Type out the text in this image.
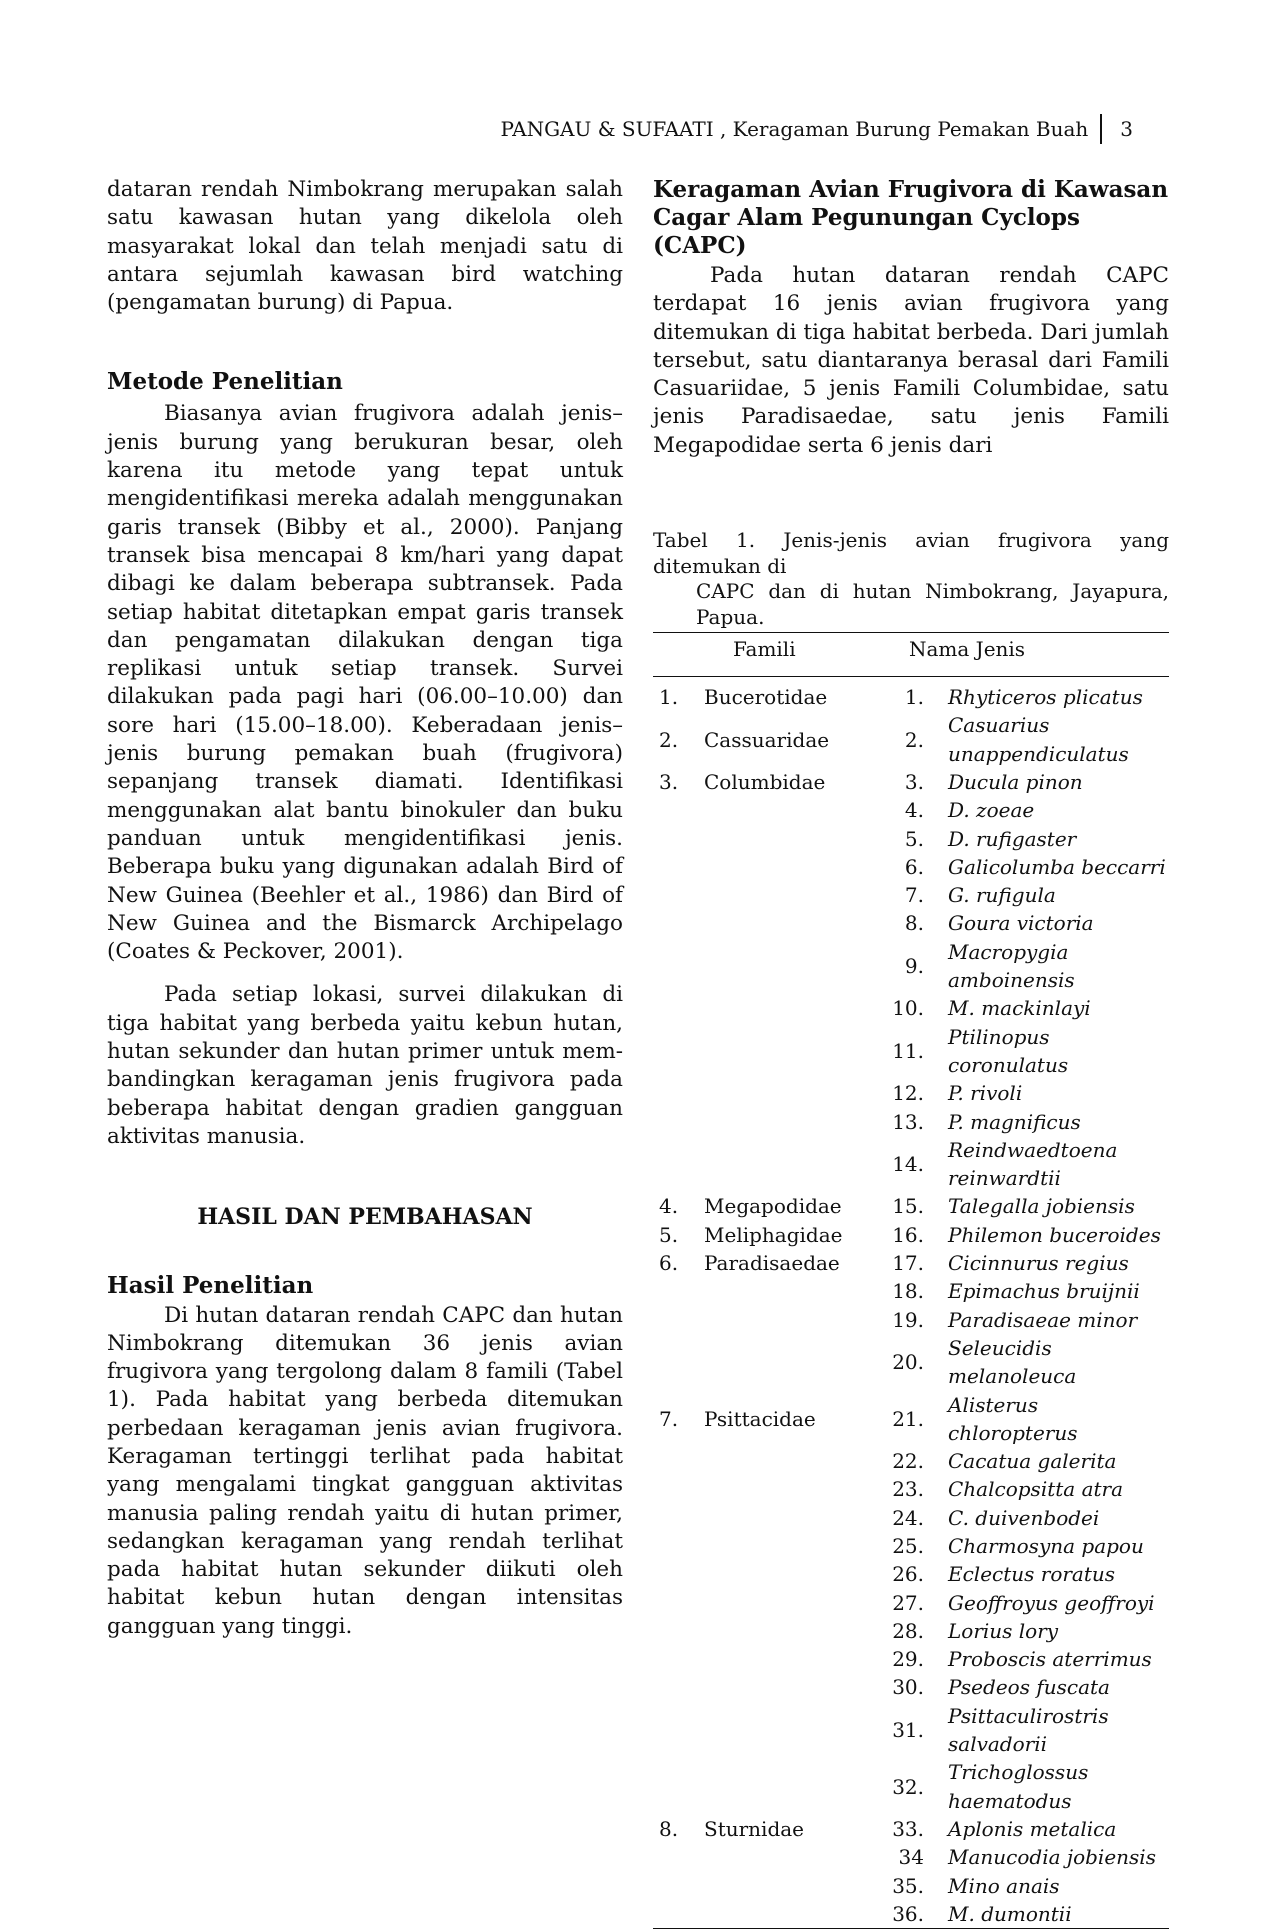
PANGAU & SUFAATI , Keragaman Burung Pemakan Buah 3

dataran rendah Nimbokrang merupakan salah satu kawasan hutan yang dikelola oleh masyarakat lokal dan telah menjadi satu di antara sejumlah kawasan bird watching (pengamatan burung) di Papua.

Metode Penelitian

Biasanya avian frugivora adalah jenis–jenis burung yang berukuran besar, oleh karena itu metode yang tepat untuk mengidentifikasi mereka adalah menggunakan garis transek (Bibby et al., 2000). Panjang transek bisa mencapai 8 km/hari yang dapat dibagi ke dalam beberapa subtransek. Pada setiap habitat ditetapkan empat garis transek dan pengamatan dilakukan dengan tiga replikasi untuk setiap transek. Survei dilakukan pada pagi hari (06.00–10.00) dan sore hari (15.00–18.00). Keberadaan jenis–jenis burung pemakan buah (frugivora) sepanjang transek diamati. Identifikasi menggunakan alat bantu binokuler dan buku panduan untuk mengidentifikasi jenis. Beberapa buku yang digunakan adalah Bird of New Guinea (Beehler et al., 1986) dan Bird of New Guinea and the Bismarck Archipelago (Coates & Peckover, 2001).

Pada setiap lokasi, survei dilakukan di tiga habitat yang berbeda yaitu kebun hutan, hutan sekunder dan hutan primer untuk mem-bandingkan keragaman jenis frugivora pada beberapa habitat dengan gradien gangguan aktivitas manusia.

HASIL DAN PEMBAHASAN
Hasil Penelitian

Di hutan dataran rendah CAPC dan hutan Nimbokrang ditemukan 36 jenis avian frugivora yang tergolong dalam 8 famili (Tabel 1). Pada habitat yang berbeda ditemukan perbedaan keragaman jenis avian frugivora. Keragaman tertinggi terlihat pada habitat yang mengalami tingkat gangguan aktivitas manusia paling rendah yaitu di hutan primer, sedangkan keragaman yang rendah terlihat pada habitat hutan sekunder diikuti oleh habitat kebun hutan dengan intensitas gangguan yang tinggi.

Keragaman Avian Frugivora di Kawasan Cagar Alam Pegunungan Cyclops (CAPC)

Pada hutan dataran rendah CAPC terdapat 16 jenis avian frugivora yang ditemukan di tiga habitat berbeda. Dari jumlah tersebut, satu diantaranya berasal dari Famili Casuariidae, 5 jenis Famili Columbidae, satu jenis Paradisaedae, satu jenis Famili Megapodidae serta 6 jenis dari

Tabel 1. Jenis-jenis avian frugivora yang ditemukan di
CAPC dan di hutan Nimbokrang, Jayapura, Papua.
Famili		Nama Jenis	
1.	Bucerotidae	1.	Rhyticeros plicatus
2.	Cassuaridae	2.	Casuarius unappendiculatus
3.	Columbidae	3.	Ducula pinon
		4.	D. zoeae
		5.	D. rufigaster
		6.	Galicolumba beccarri
		7.	G. rufigula
		8.	Goura victoria
		9.	Macropygia amboinensis
		10.	M. mackinlayi
		11.	Ptilinopus coronulatus
		12.	P. rivoli
		13.	P. magnificus
		14.	Reindwaedtoena reinwardtii
4.	Megapodidae	15.	Talegalla jobiensis
5.	Meliphagidae	16.	Philemon buceroides
6.	Paradisaedae	17.	Cicinnurus regius
		18.	Epimachus bruijnii
		19.	Paradisaeae minor
		20.	Seleucidis melanoleuca
7.	Psittacidae	21.	Alisterus chloropterus
		22.	Cacatua galerita
		23.	Chalcopsitta atra
		24.	C. duivenbodei
		25.	Charmosyna papou
		26.	Eclectus roratus
		27.	Geoffroyus geoffroyi
		28.	Lorius lory
		29.	Proboscis aterrimus
		30.	Psedeos fuscata
		31.	Psittaculirostris salvadorii
		32.	Trichoglossus haematodus
8.	Sturnidae	33.	Aplonis metalica
		34	Manucodia jobiensis
		35.	Mino anais
		36.	M. dumontii
